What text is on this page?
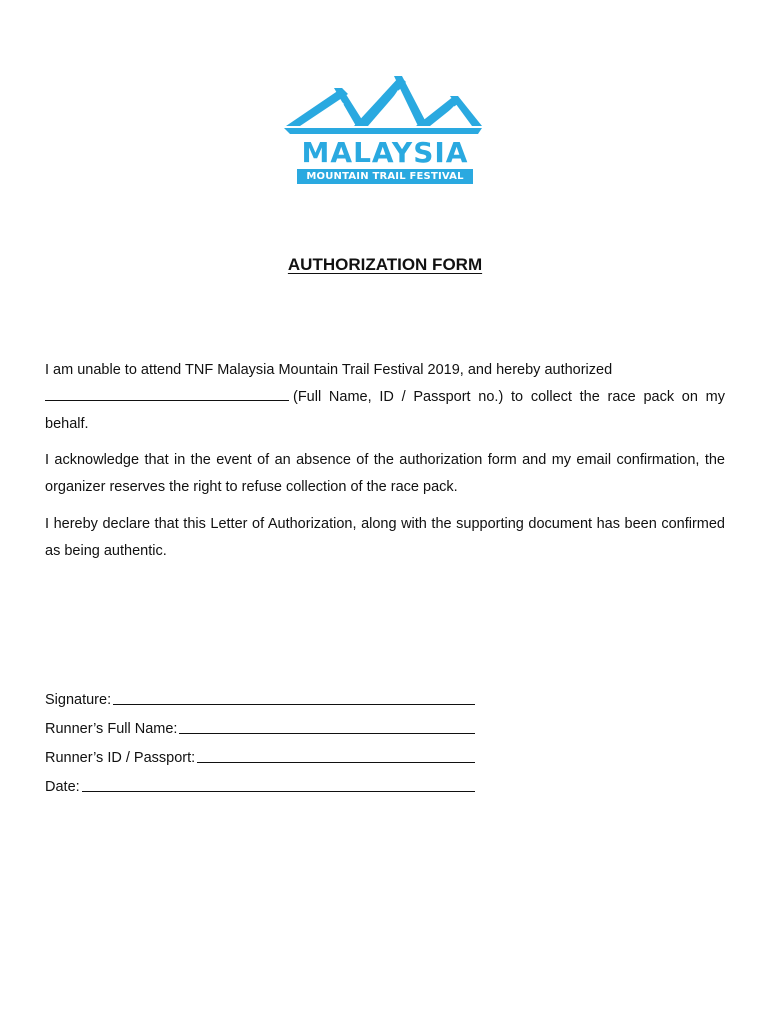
MALAYSIA
MOUNTAIN TRAIL FESTIVAL
AUTHORIZATION FORM
I am unable to attend TNF Malaysia Mountain Trail Festival 2019, and hereby authorized
(Full Name, ID / Passport no.) to collect the race pack on my behalf.
I acknowledge that in the event of an absence of the authorization form and my email confirmation, the organizer reserves the right to refuse collection of the race pack.
I hereby declare that this Letter of Authorization, along with the supporting document has been confirmed as being authentic.
Signature:
Runner’s Full Name:
Runner’s ID / Passport:
Date:
